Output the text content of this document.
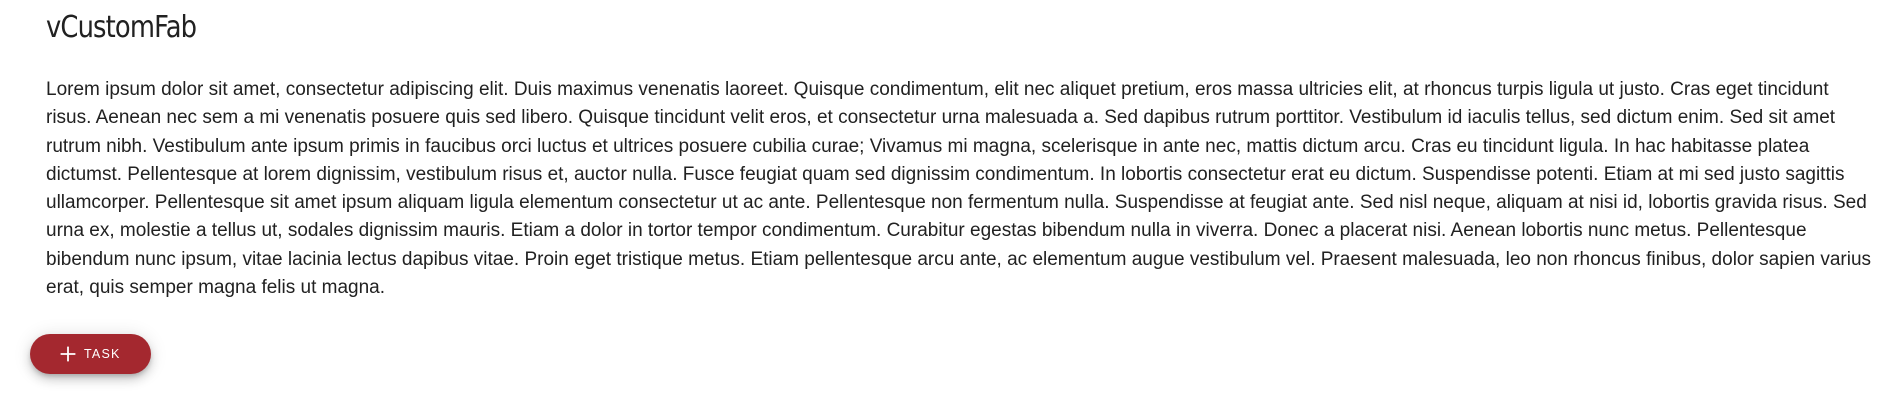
vCustomFab

Lorem ipsum dolor sit amet, consectetur adipiscing elit. Duis maximus venenatis laoreet. Quisque condimentum, elit nec aliquet pretium, eros massa ultricies elit, at rhoncus turpis ligula ut justo. Cras eget tincidunt risus. Aenean nec sem a mi venenatis posuere quis sed libero. Quisque tincidunt velit eros, et consectetur urna malesuada a. Sed dapibus rutrum porttitor. Vestibulum id iaculis tellus, sed dictum enim. Sed sit amet rutrum nibh. Vestibulum ante ipsum primis in faucibus orci luctus et ultrices posuere cubilia curae; Vivamus mi magna, scelerisque in ante nec, mattis dictum arcu. Cras eu tincidunt ligula. In hac habitasse platea dictumst. Pellentesque at lorem dignissim, vestibulum risus et, auctor nulla. Fusce feugiat quam sed dignissim condimentum. In lobortis consectetur erat eu dictum. Suspendisse potenti. Etiam at mi sed justo sagittis ullamcorper. Pellentesque sit amet ipsum aliquam ligula elementum consectetur ut ac ante. Pellentesque non fermentum nulla. Suspendisse at feugiat ante. Sed nisl neque, aliquam at nisi id, lobortis gravida risus. Sed urna ex, molestie a tellus ut, sodales dignissim mauris. Etiam a dolor in tortor tempor condimentum. Curabitur egestas bibendum nulla in viverra. Donec a placerat nisi. Aenean lobortis nunc metus. Pellentesque bibendum nunc ipsum, vitae lacinia lectus dapibus vitae. Proin eget tristique metus. Etiam pellentesque arcu ante, ac elementum augue vestibulum vel. Praesent malesuada, leo non rhoncus finibus, dolor sapien varius erat, quis semper magna felis ut magna.

TASK
